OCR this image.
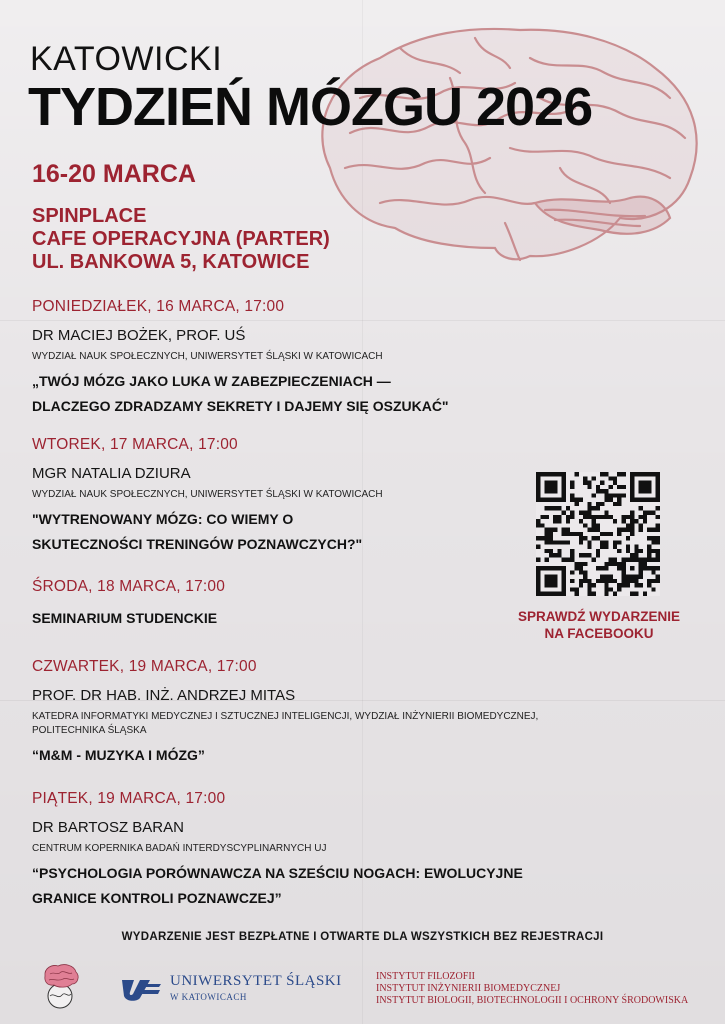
KATOWICKI
TYDZIEŃ MÓZGU 2026
16-20 MARCA
SPINPLACE
CAFE OPERACYJNA (PARTER)
UL. BANKOWA 5, KATOWICE
PONIEDZIAŁEK, 16 MARCA, 17:00
DR MACIEJ BOŻEK, PROF. UŚ
WYDZIAŁ NAUK SPOŁECZNYCH, UNIWERSYTET ŚLĄSKI W KATOWICACH
„TWÓJ MÓZG JAKO LUKA W ZABEZPIECZENIACH —
DLACZEGO ZDRADZAMY SEKRETY I DAJEMY SIĘ OSZUKAĆ"
WTOREK, 17 MARCA, 17:00
MGR NATALIA DZIURA
WYDZIAŁ NAUK SPOŁECZNYCH, UNIWERSYTET ŚLĄSKI W KATOWICACH
"WYTRENOWANY MÓZG: CO WIEMY O
SKUTECZNOŚCI TRENINGÓW POZNAWCZYCH?"
ŚRODA, 18 MARCA, 17:00
SEMINARIUM STUDENCKIE
CZWARTEK, 19 MARCA, 17:00
PROF. DR HAB. INŻ. ANDRZEJ MITAS
KATEDRA INFORMATYKI MEDYCZNEJ I SZTUCZNEJ INTELIGENCJI, WYDZIAŁ INŻYNIERII BIOMEDYCZNEJ,
POLITECHNIKA ŚLĄSKA
“M&M - MUZYKA I MÓZG”
PIĄTEK, 19 MARCA, 17:00
DR BARTOSZ BARAN
CENTRUM KOPERNIKA BADAŃ INTERDYSCYPLINARNYCH UJ
“PSYCHOLOGIA PORÓWNAWCZA NA SZEŚCIU NOGACH: EWOLUCYJNE
GRANICE KONTROLI POZNAWCZEJ”
SPRAWDŹ WYDARZENIE
NA FACEBOOKU
WYDARZENIE JEST BEZPŁATNE I OTWARTE DLA WSZYSTKICH BEZ REJESTRACJI
UNIWERSYTET ŚLĄSKI
W KATOWICACH
INSTYTUT FILOZOFII
INSTYTUT INŻYNIERII BIOMEDYCZNEJ
INSTYTUT BIOLOGII, BIOTECHNOLOGII I OCHRONY ŚRODOWISKA
